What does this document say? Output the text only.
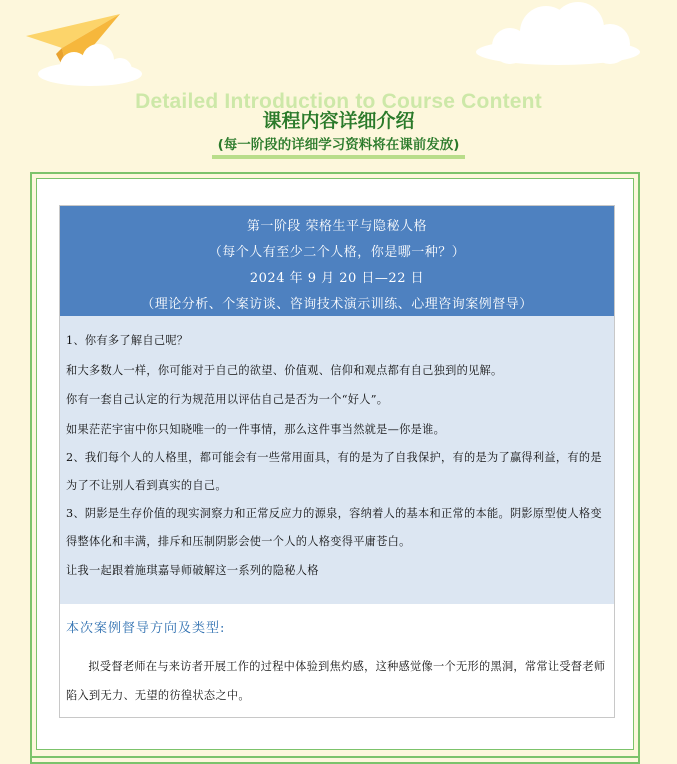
Detailed Introduction to Course Content
课程内容详细介绍
(每一阶段的详细学习资料将在课前发放)
第一阶段 荣格生平与隐秘人格
（每个人有至少二个人格，你是哪一种？）
2024 年 9 月 20 日—22 日
（理论分析、个案访谈、咨询技术演示训练、心理咨询案例督导）

1、你有多了解自己呢？

和大多数人一样，你可能对于自己的欲望、价值观、信仰和观点都有自己独到的见解。

你有一套自己认定的行为规范用以评估自己是否为一个“好人”。

如果茫茫宇宙中你只知晓唯一的一件事情，那么这件事当然就是—你是谁。

2、我们每个人的人格里，都可能会有一些常用面具，有的是为了自我保护，有的是为了赢得利益，有的是为了不让别人看到真实的自己。

3、阴影是生存价值的现实洞察力和正常反应力的源泉，容纳着人的基本和正常的本能。阴影原型使人格变得整体化和丰满，排斥和压制阴影会使一个人的人格变得平庸苍白。

让我一起跟着施琪嘉导师破解这一系列的隐秘人格

本次案例督导方向及类型:
拟受督老师在与来访者开展工作的过程中体验到焦灼感，这种感觉像一个无形的黑洞，常常让受督老师陷入到无力、无望的彷徨状态之中。
